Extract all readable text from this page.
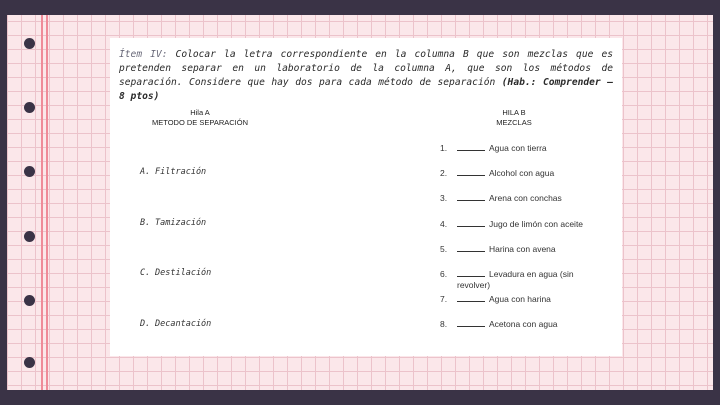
Ítem IV: Colocar la letra correspondiente en la columna B que son mezclas que es pretenden separar en un laboratorio de la columna A, que son los métodos de separación. Considere que hay dos para cada método de separación (Hab.: Comprender – 8 ptos)
Hila A
METODO DE SEPARACIÓN
HILA B
MEZCLAS
A. Filtración
B. Tamización
C. Destilación
D. Decantación
1.	Agua con tierra
2.	Alcohol con agua
3.	Arena con conchas
4.	Jugo de limón con aceite
5.	Harina con avena
6.	Levadura en agua (sin
revolver)
7.	Agua con harina
8.	Acetona con agua
